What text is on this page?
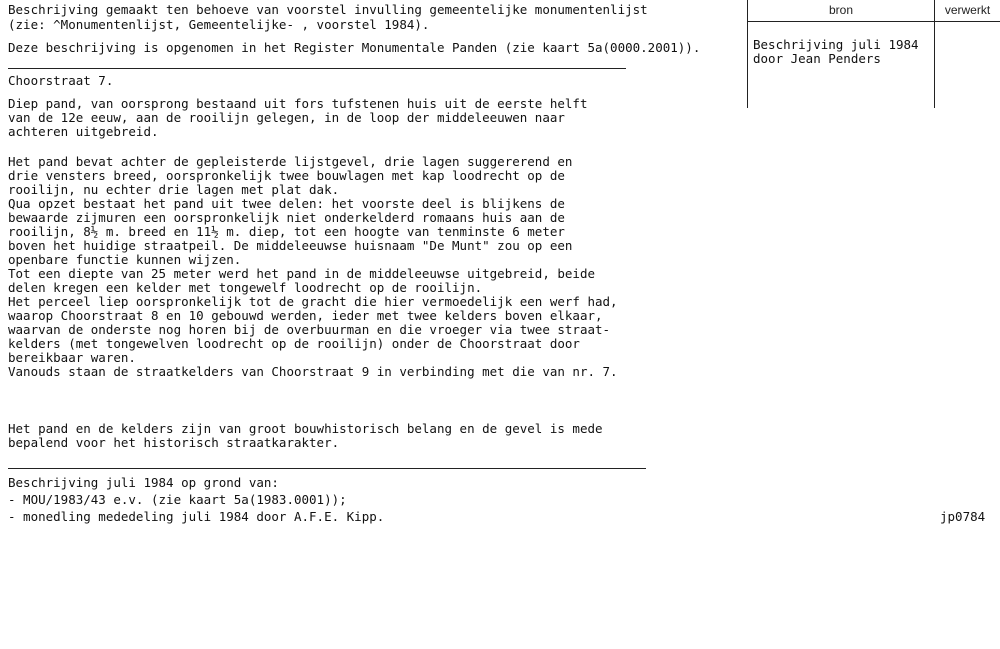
bron	verwerkt
Beschrijving gemaakt ten behoeve van voorstel invulling gemeentelijke monumentenlijst
(zie: ^Monumentenlijst, Gemeentelijke- , voorstel 1984).
Deze beschrijving is opgenomen in het Register Monumentale Panden (zie kaart 5a(0000.2001)).	Beschrijving juli 1984
door Jean Penders
Choorstraat 7.
Diep pand, van oorsprong bestaand uit fors tufstenen huis uit de eerste helft
van de 12e eeuw, aan de rooilijn gelegen, in de loop der middeleeuwen naar
achteren uitgebreid.
Het pand bevat achter de gepleisterde lijstgevel, drie lagen suggererend en
drie vensters breed, oorspronkelijk twee bouwlagen met kap loodrecht op de
rooilijn, nu echter drie lagen met plat dak.
Qua opzet bestaat het pand uit twee delen: het voorste deel is blijkens de
bewaarde zijmuren een oorspronkelijk niet onderkelderd romaans huis aan de
rooilijn, 8½ m. breed en 11½ m. diep, tot een hoogte van tenminste 6 meter
boven het huidige straatpeil. De middeleeuwse huisnaam "De Munt" zou op een
openbare functie kunnen wijzen.
Tot een diepte van 25 meter werd het pand in de middeleeuwse uitgebreid, beide
delen kregen een kelder met tongewelf loodrecht op de rooilijn.
Het perceel liep oorspronkelijk tot de gracht die hier vermoedelijk een werf had,
waarop Choorstraat 8 en 10 gebouwd werden, ieder met twee kelders boven elkaar,
waarvan de onderste nog horen bij de overbuurman en die vroeger via twee straat-
kelders (met tongewelven loodrecht op de rooilijn) onder de Choorstraat door
bereikbaar waren.
Vanouds staan de straatkelders van Choorstraat 9 in verbinding met die van nr. 7.
Het pand en de kelders zijn van groot bouwhistorisch belang en de gevel is mede
bepalend voor het historisch straatkarakter.
Beschrijving juli 1984 op grond van:
- MOU/1983/43 e.v. (zie kaart 5a(1983.0001));
- monedling mededeling juli 1984 door A.F.E. Kipp.	jp0784
